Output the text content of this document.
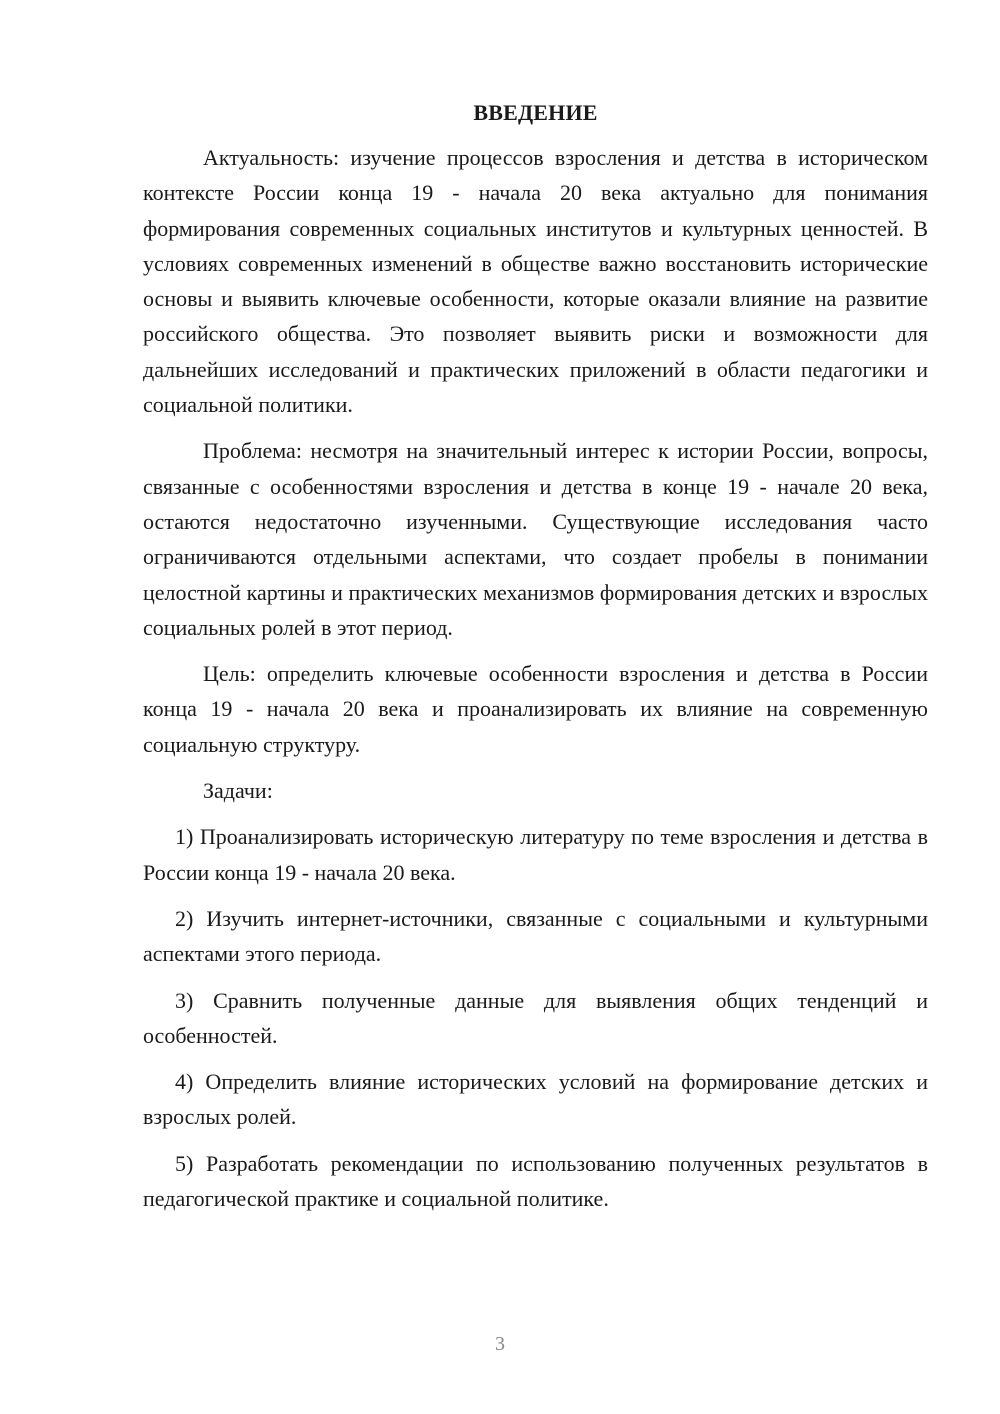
ВВЕДЕНИЕ

Актуальность: изучение процессов взросления и детства в историческом контексте России конца 19 - начала 20 века актуально для понимания формирования современных социальных институтов и культурных ценностей. В условиях современных изменений в обществе важно восстановить исторические основы и выявить ключевые особенности, которые оказали влияние на развитие российского общества. Это позволяет выявить риски и возможности для дальнейших исследований и практических приложений в области педагогики и социальной политики.

Проблема: несмотря на значительный интерес к истории России, вопросы, связанные с особенностями взросления и детства в конце 19 - начале 20 века, остаются недостаточно изученными. Существующие исследования часто ограничиваются отдельными аспектами, что создает пробелы в понимании целостной картины и практических механизмов формирования детских и взрослых социальных ролей в этот период.

Цель: определить ключевые особенности взросления и детства в России конца 19 - начала 20 века и проанализировать их влияние на современную социальную структуру.

Задачи:

1) Проанализировать историческую литературу по теме взросления и детства в России конца 19 - начала 20 века.

2) Изучить интернет-источники, связанные с социальными и культурными аспектами этого периода.

3) Сравнить полученные данные для выявления общих тенденций и особенностей.

4) Определить влияние исторических условий на формирование детских и взрослых ролей.

5) Разработать рекомендации по использованию полученных результатов в педагогической практике и социальной политике.

3
